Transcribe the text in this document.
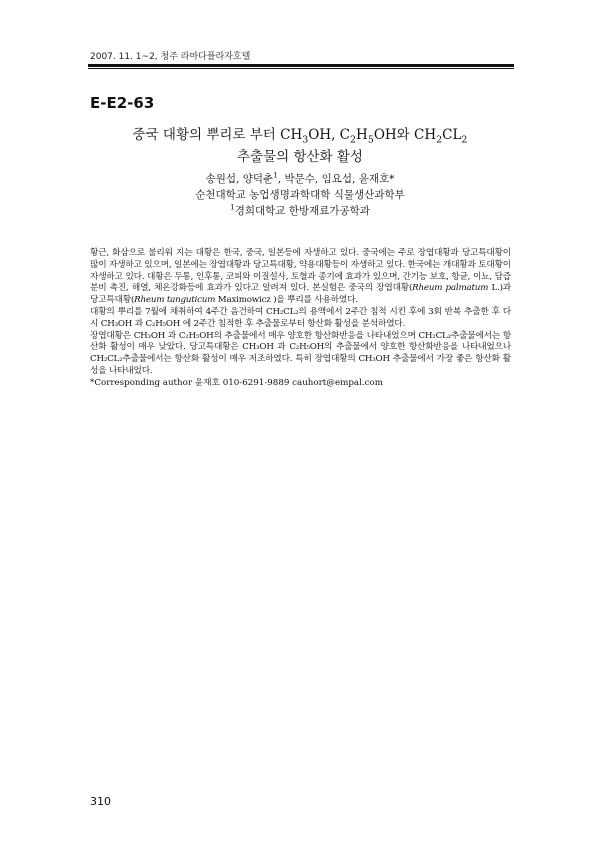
2007. 11. 1~2, 청주 라마다플라자호텔
E-E2-63
중국 대황의 뿌리로 부터 $CH_3OH$, $C_2H_5OH$와 $CH_2CL_2$
추출물의 항산화 활성
송원섭, 양덕춘$^1$, 박문수, 임요섭, 윤재호*
순천대학교 농업생명과학대학 식물생산과학부
$^1$경희대학교 한방재료가공학과

황근, 화삼으로 불리워 지는 대황은 한국, 중국, 일본등에 자생하고 있다. 중국에는 주로 장엽대황과 당고특대황이 많이 자생하고 있으며, 일본에는 장엽대황과 당고특대황, 약용대황등이 자생하고 있다. 한국에는 개대황과 토대황이 자생하고 있다. 대황은 두통, 인후통, 코피와 이질설사, 토혈과 종기에 효과가 있으며, 간기능 보호, 항균, 이뇨, 담즙분비 촉진, 해열, 체온강화등에 효과가 있다고 알려져 있다. 본실험은 중국의 장엽대황(Rheum palmatum L.)과 당고특대황(Rheum tanguticum Maximowicz )을 뿌리를 사용하였다.

대황의 뿌리를 7월에 채취하여 4주간 음건하여 CH₂CL₂의 용액에서 2주간 침적 시킨 후에 3회 반복 추출한 후 다시 CH₃OH 과 C₂H₅OH 에 2주간 침적한 후 추출물로부터 항산화 활성을 분석하였다.

장엽대황은 CH₃OH 과 C₂H₅OH의 추출물에서 매우 양호한 항산화반응을 나타내었으며 CH₂CL₂추출물에서는 항산화 활성이 매우 낮았다. 당고특대황은 CH₃OH 과 C₂H₅OH의 추출물에서 양호한 항산화반응을 나타내었으나 CH₂CL₂추출물에서는 항산화 활성이 매우 저조하였다. 특히 장엽대황의 CH₃OH 추출물에서 가장 좋은 항산화 활성을 나타내었다.

*Corresponding author 윤재호 010-6291-9889 cauhort@empal.com

310
